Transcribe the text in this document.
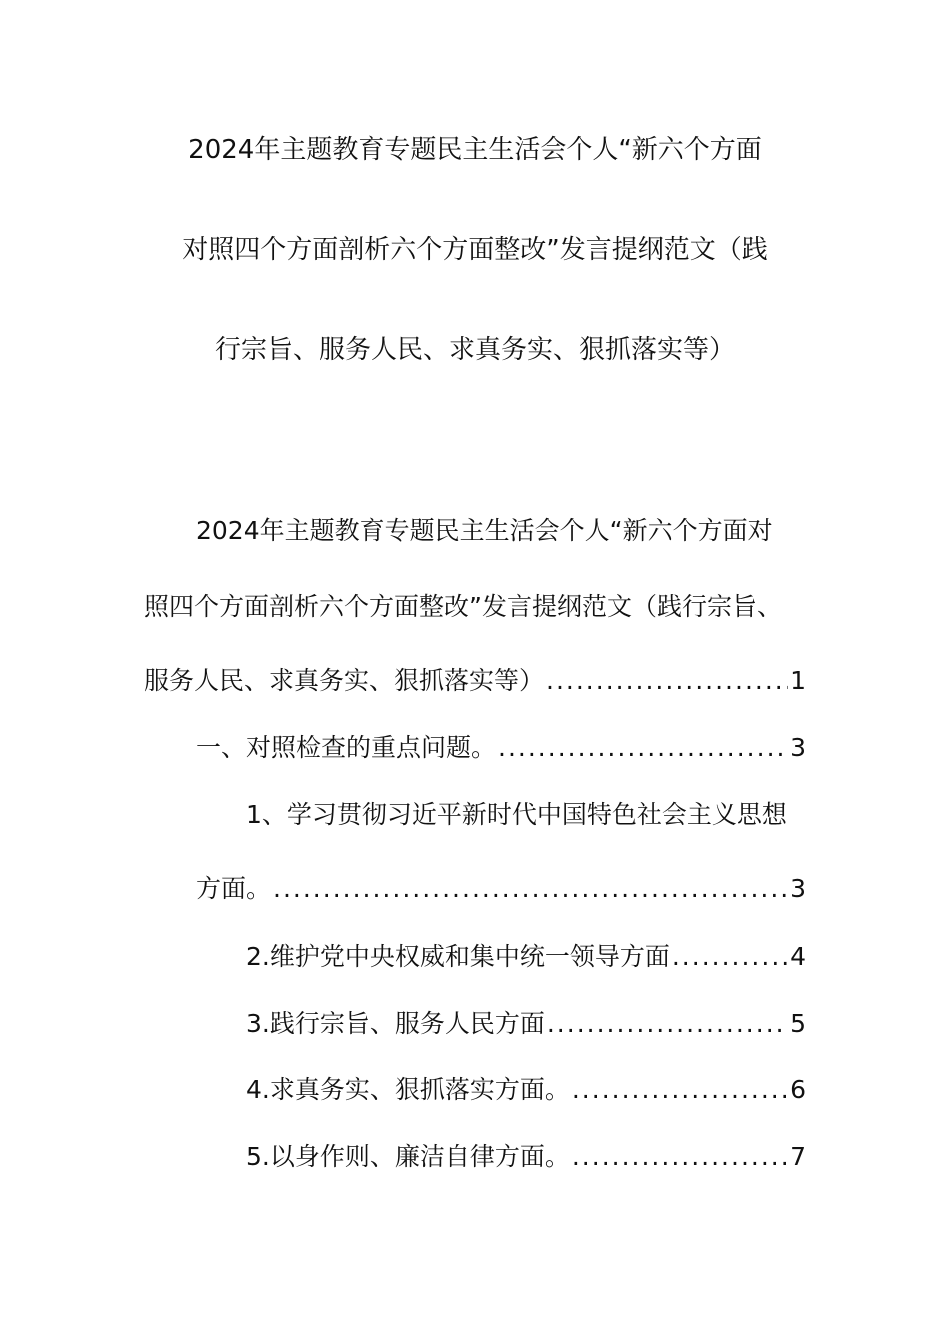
2024年主题教育专题民主生活会个人“新六个方面
对照四个方面剖析六个方面整改”发言提纲范文（践
行宗旨、服务人民、求真务实、狠抓落实等）
2024年主题教育专题民主生活会个人“新六个方面对
照四个方面剖析六个方面整改”发言提纲范文（践行宗旨、
服务人民、求真务实、狠抓落实等） .....	1
一、对照检查的重点问题。 .....	3
1、学习贯彻习近平新时代中国特色社会主义思想
方面。 .....	3
2.维护党中央权威和集中统一领导方面 .....	4
3.践行宗旨、服务人民方面 .....	5
4.求真务实、狠抓落实方面。 .....	6
5.以身作则、廉洁自律方面。 .....	7
